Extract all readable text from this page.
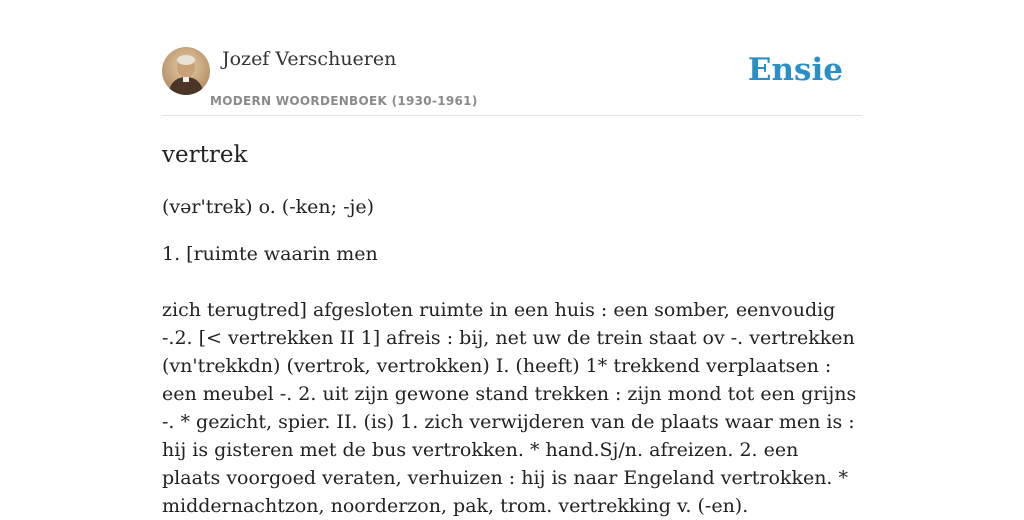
Jozef Verschueren
MODERN WOORDENBOEK (1930-1961)
Ensie
vertrek
(vər'trek) o. (-ken; -je)
1. [ruimte waarin men
zich terugtred] afgesloten ruimte in een huis : een somber, eenvoudig -.2. [< vertrekken II 1] afreis : bij, net uw de trein staat ov -. vertrekken (vn'trekkdn) (vertrok, vertrokken) I. (heeft) 1* trekkend verplaatsen : een meubel -. 2. uit zijn gewone stand trekken : zijn mond tot een grijns -. * gezicht, spier. II. (is) 1. zich verwijderen van de plaats waar men is : hij is gisteren met de bus vertrokken. * hand.Sj/n. afreizen. 2. een plaats voorgoed veraten, verhuizen : hij is naar Engeland vertrokken. * middernachtzon, noorderzon, pak, trom. vertrekking v. (-en).
